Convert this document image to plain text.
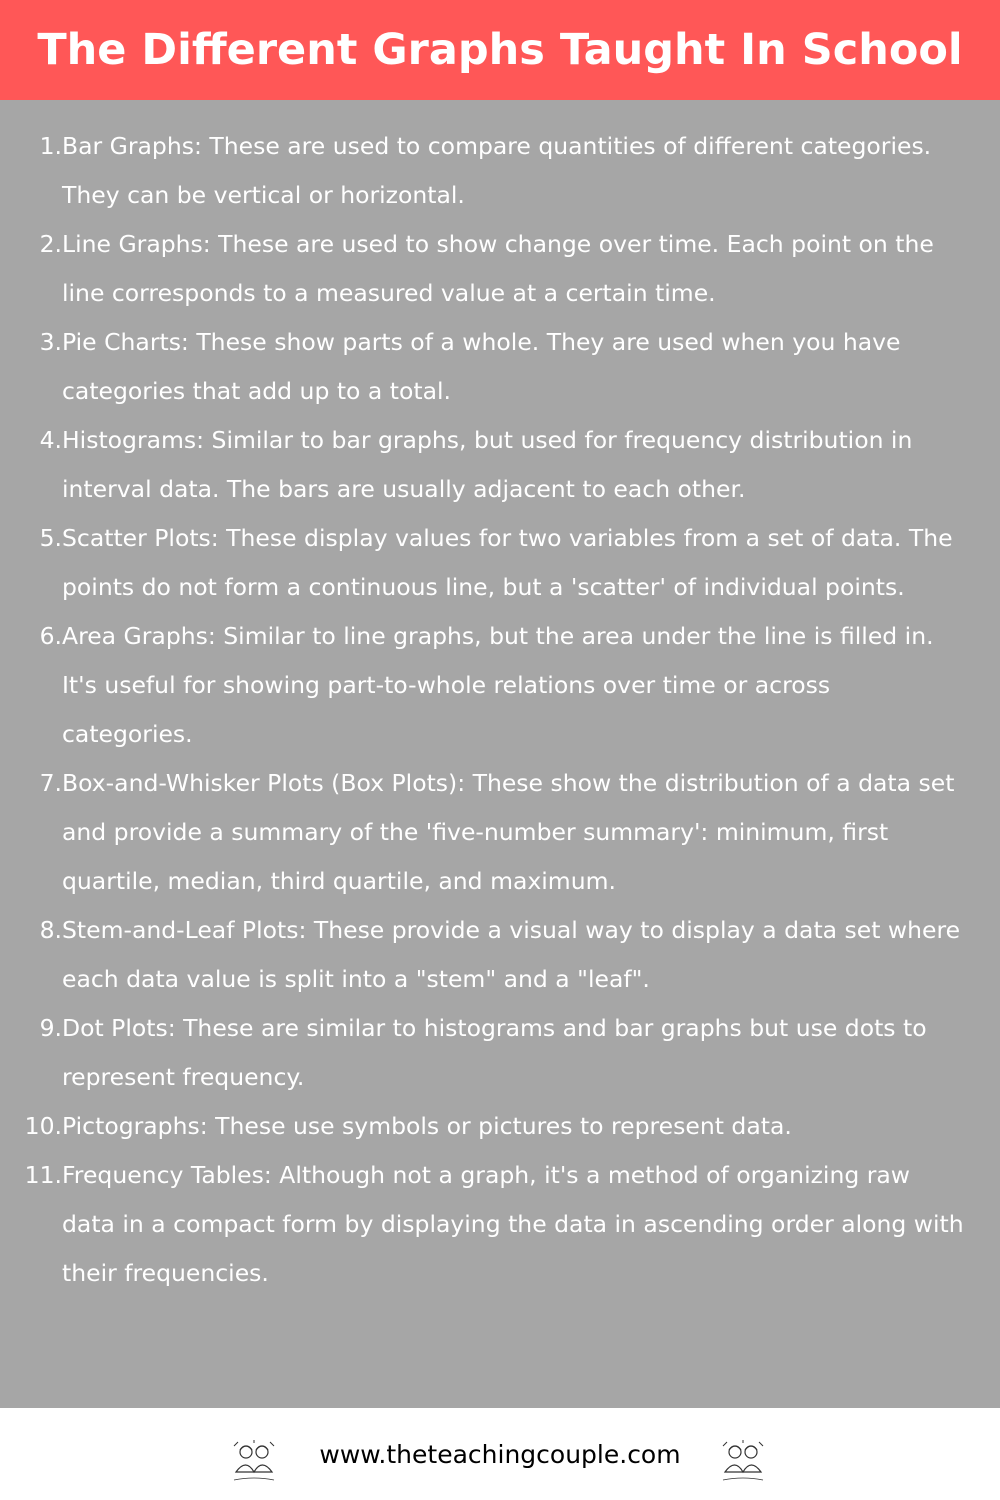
The Different Graphs Taught In School
1. Bar Graphs: These are used to compare quantities of different categories. They can be vertical or horizontal.
2. Line Graphs: These are used to show change over time. Each point on the line corresponds to a measured value at a certain time.
3. Pie Charts: These show parts of a whole. They are used when you have categories that add up to a total.
4. Histograms: Similar to bar graphs, but used for frequency distribution in interval data. The bars are usually adjacent to each other.
5. Scatter Plots: These display values for two variables from a set of data. The points do not form a continuous line, but a 'scatter' of individual points.
6. Area Graphs: Similar to line graphs, but the area under the line is filled in. It's useful for showing part-to-whole relations over time or across categories.
7. Box-and-Whisker Plots (Box Plots): These show the distribution of a data set and provide a summary of the 'five-number summary': minimum, first quartile, median, third quartile, and maximum.
8. Stem-and-Leaf Plots: These provide a visual way to display a data set where each data value is split into a "stem" and a "leaf".
9. Dot Plots: These are similar to histograms and bar graphs but use dots to represent frequency.
10. Pictographs: These use symbols or pictures to represent data.
11. Frequency Tables: Although not a graph, it's a method of organizing raw data in a compact form by displaying the data in ascending order along with their frequencies.
www.theteachingcouple.com
